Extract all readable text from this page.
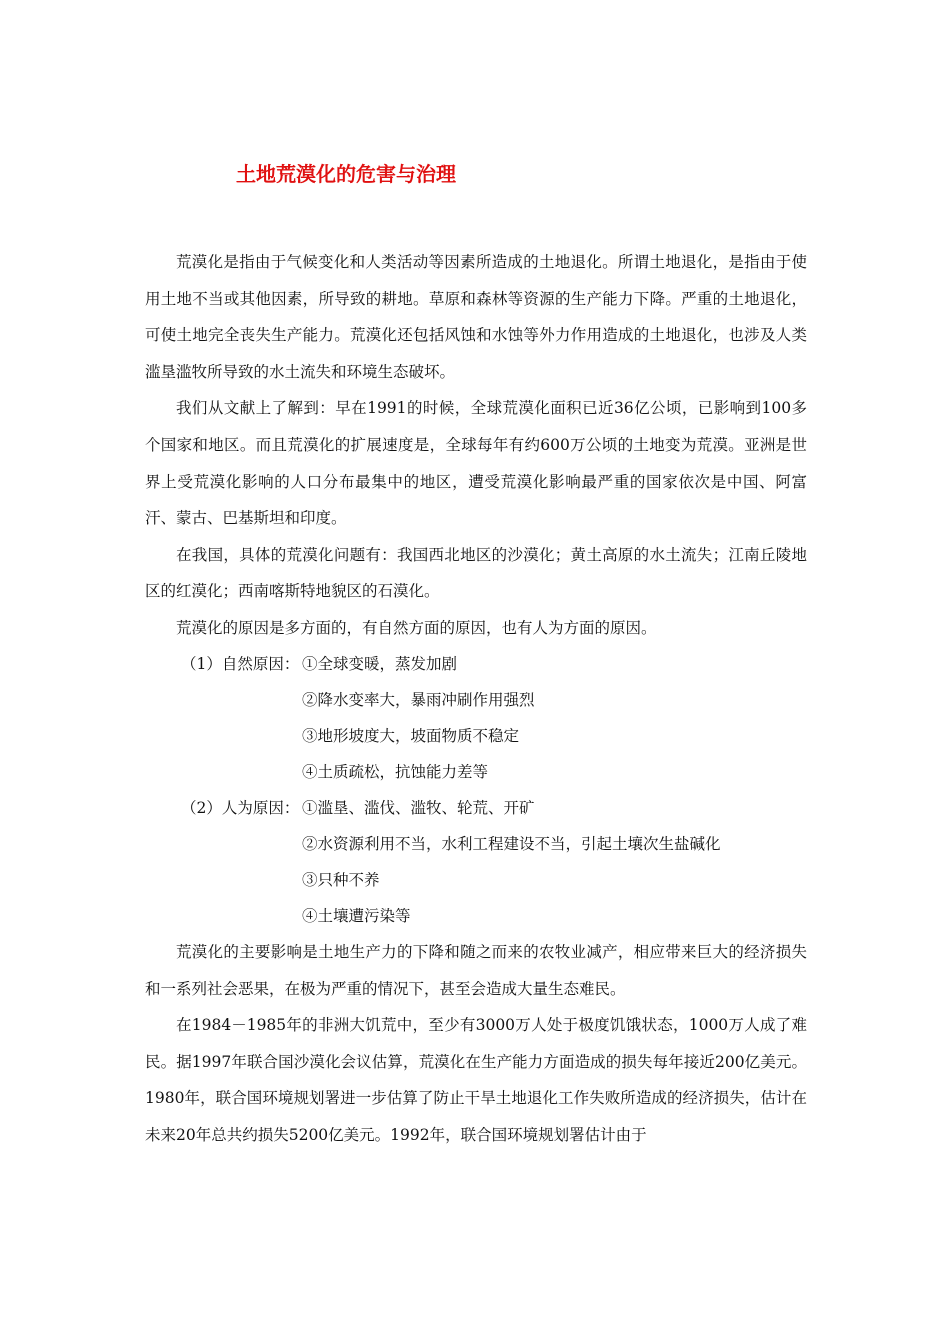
土地荒漠化的危害与治理

荒漠化是指由于气候变化和人类活动等因素所造成的土地退化。所谓土地退化，是指由于使用土地不当或其他因素，所导致的耕地。草原和森林等资源的生产能力下降。严重的土地退化，可使土地完全丧失生产能力。荒漠化还包括风蚀和水蚀等外力作用造成的土地退化，也涉及人类滥垦滥牧所导致的水土流失和环境生态破坏。

我们从文献上了解到：早在1991的时候，全球荒漠化面积已近36亿公顷，已影响到100多个国家和地区。而且荒漠化的扩展速度是，全球每年有约600万公顷的土地变为荒漠。亚洲是世界上受荒漠化影响的人口分布最集中的地区，遭受荒漠化影响最严重的国家依次是中国、阿富汗、蒙古、巴基斯坦和印度。

在我国，具体的荒漠化问题有：我国西北地区的沙漠化；黄土高原的水土流失；江南丘陵地区的红漠化；西南喀斯特地貌区的石漠化。

荒漠化的原因是多方面的，有自然方面的原因，也有人为方面的原因。

（1）自然原因： ①全球变暖，蒸发加剧
②降水变率大，暴雨冲刷作用强烈
③地形坡度大，坡面物质不稳定
④土质疏松，抗蚀能力差等
（2）人为原因： ①滥垦、滥伐、滥牧、轮荒、开矿
②水资源利用不当，水利工程建设不当，引起土壤次生盐碱化
③只种不养
④土壤遭污染等

荒漠化的主要影响是土地生产力的下降和随之而来的农牧业减产，相应带来巨大的经济损失和一系列社会恶果，在极为严重的情况下，甚至会造成大量生态难民。

在1984－1985年的非洲大饥荒中，至少有3000万人处于极度饥饿状态，1000万人成了难民。据1997年联合国沙漠化会议估算，荒漠化在生产能力方面造成的损失每年接近200亿美元。1980年，联合国环境规划署进一步估算了防止干旱土地退化工作失败所造成的经济损失，估计在未来20年总共约损失5200亿美元。1992年，联合国环境规划署估计由于
